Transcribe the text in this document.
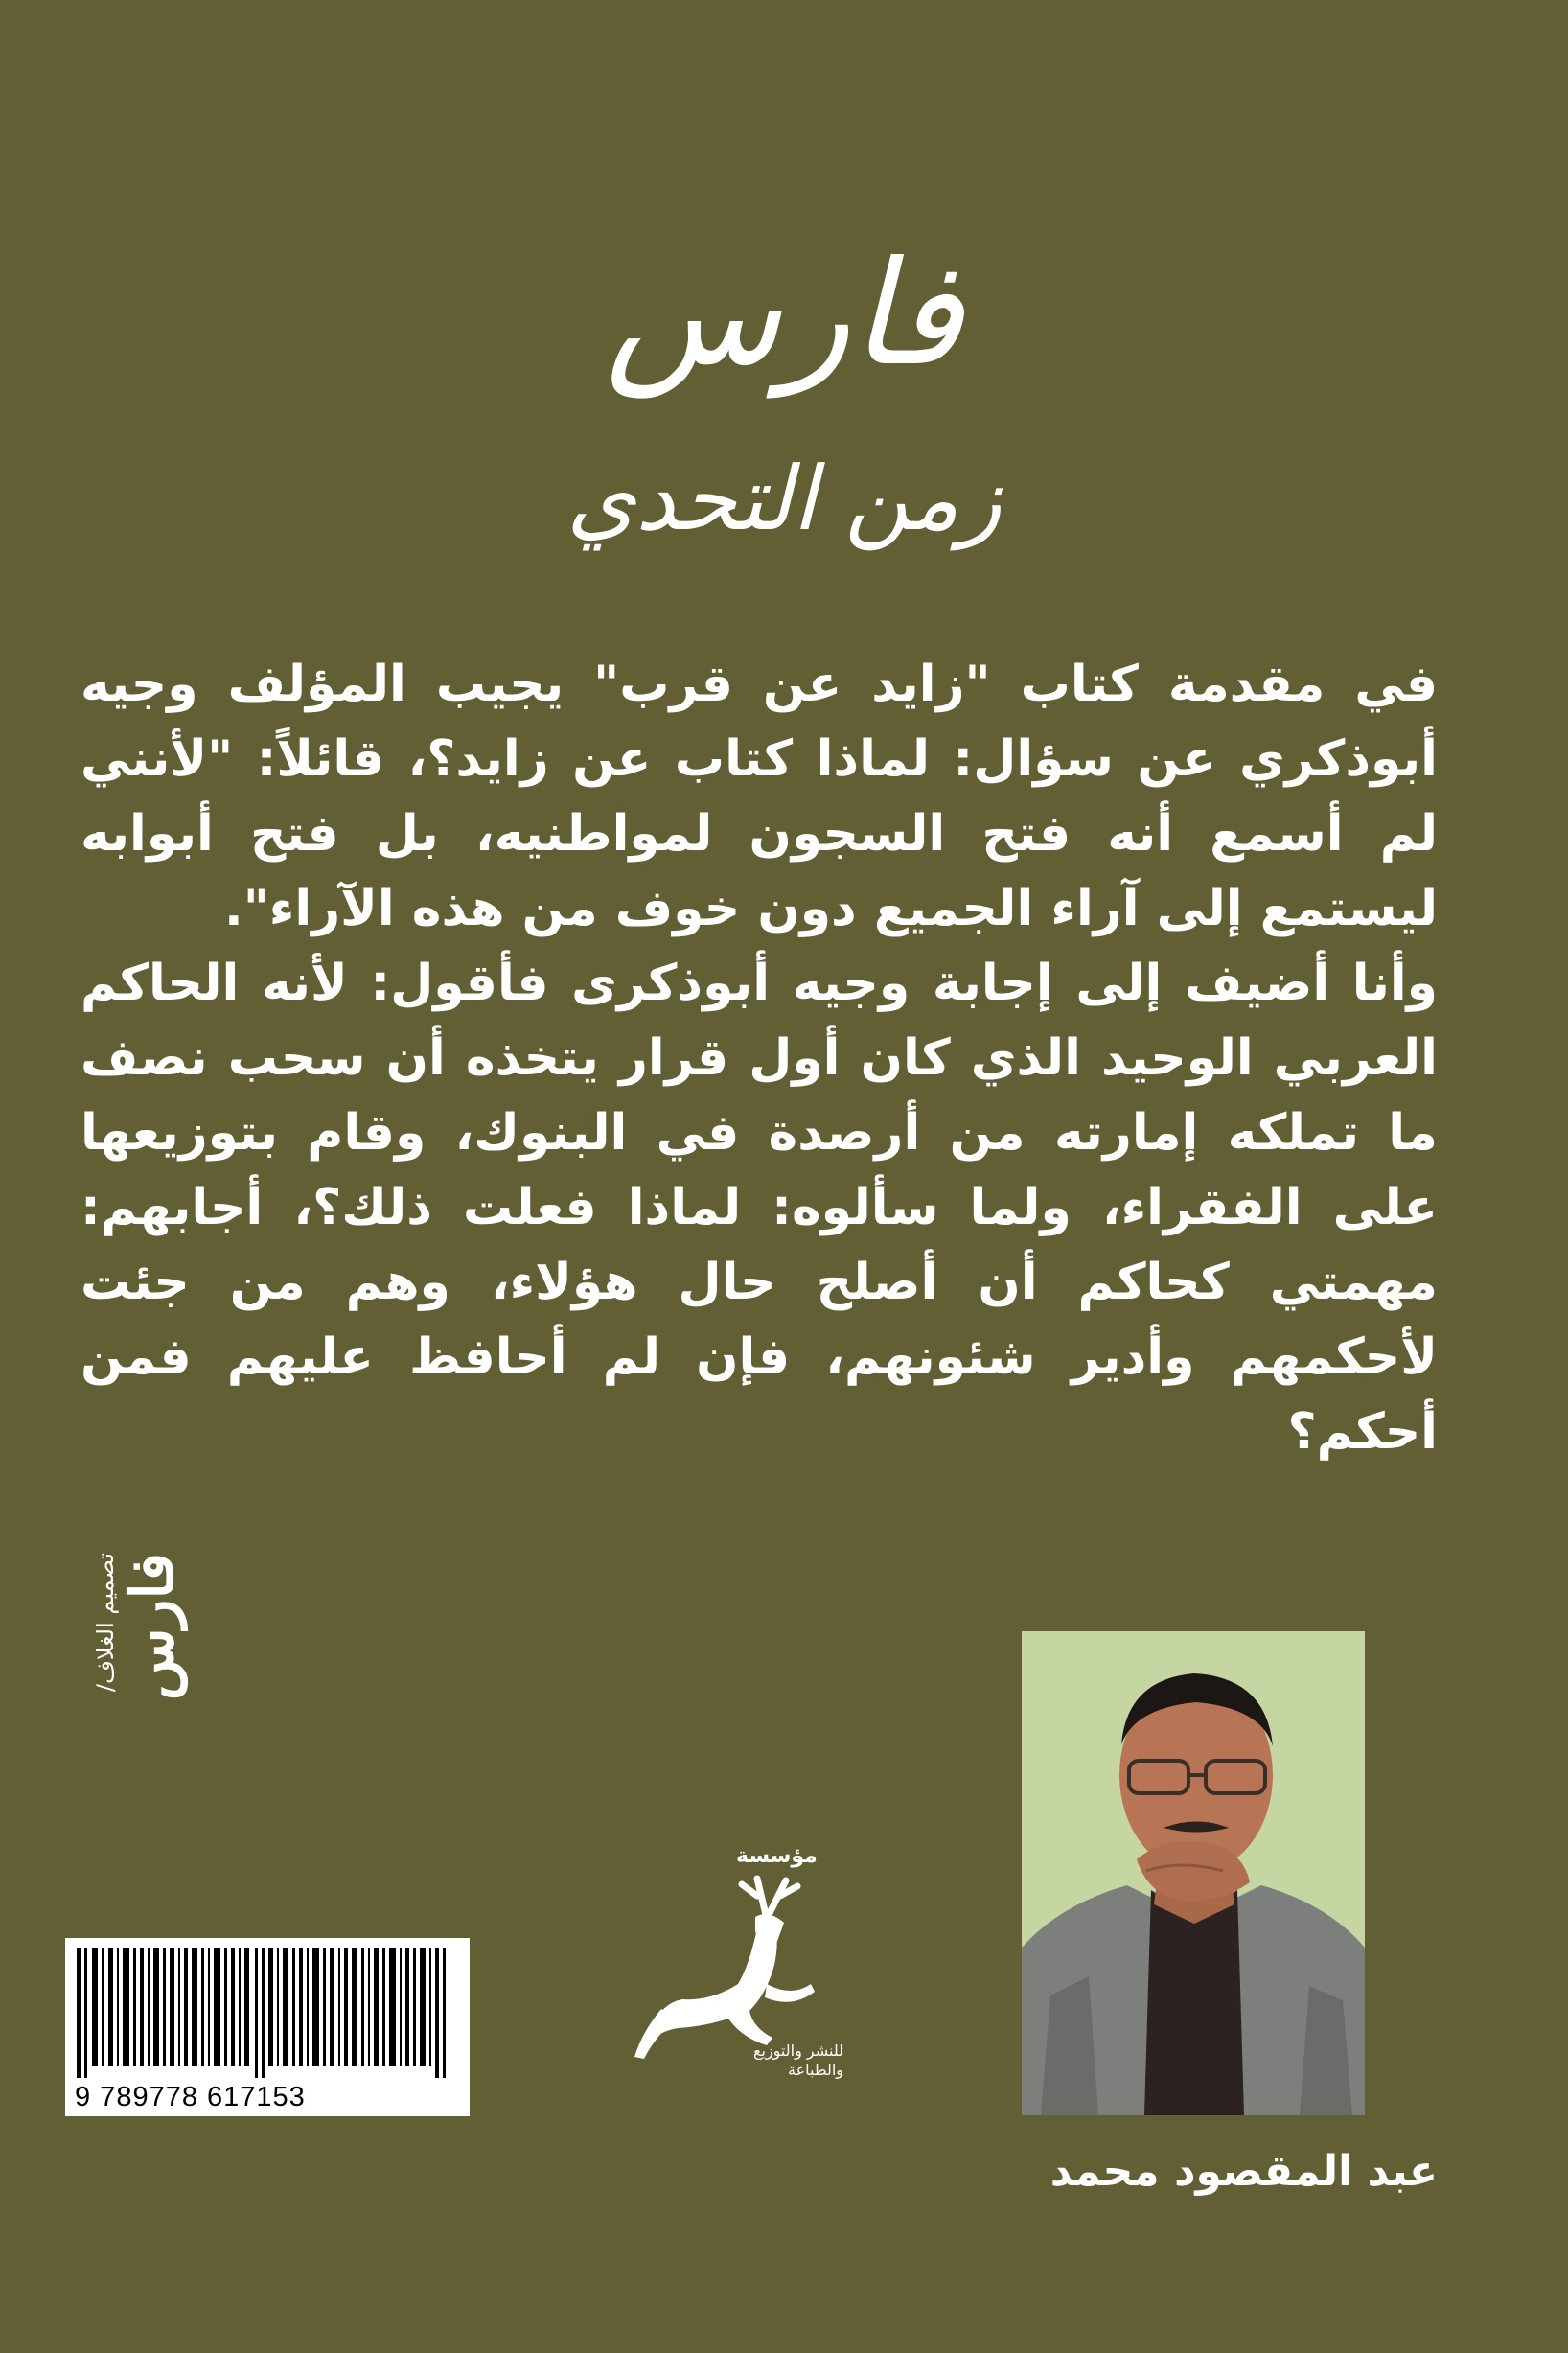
فارس
زمن التحدي

في مقدمة كتاب "زايد عن قرب" يجيب المؤلف وجيه أبوذكري عن سؤال: لماذا كتاب عن زايد؟، قائلاً: "لأنني لم أسمع أنه فتح السجون لمواطنيه، بل فتح أبوابه ليستمع إلى آراء الجميع دون خوف من هذه الآراء".

وأنا أضيف إلى إجابة وجيه أبوذكرى فأقول: لأنه الحاكم العربي الوحيد الذي كان أول قرار يتخذه أن سحب نصف ما تملكه إمارته من أرصدة في البنوك، وقام بتوزيعها على الفقراء، ولما سألوه: لماذا فعلت ذلك؟، أجابهم: مهمتي كحاكم أن أصلح حال هؤلاء، وهم من جئت لأحكمهم وأدير شئونهم، فإن لم أحافظ عليهم فمن أحكم؟

تصميم الغلاف/
فارس
عبد المقصود محمد
مؤسسة
للنشر والتوزيع والطباعة
9 789778 617153
